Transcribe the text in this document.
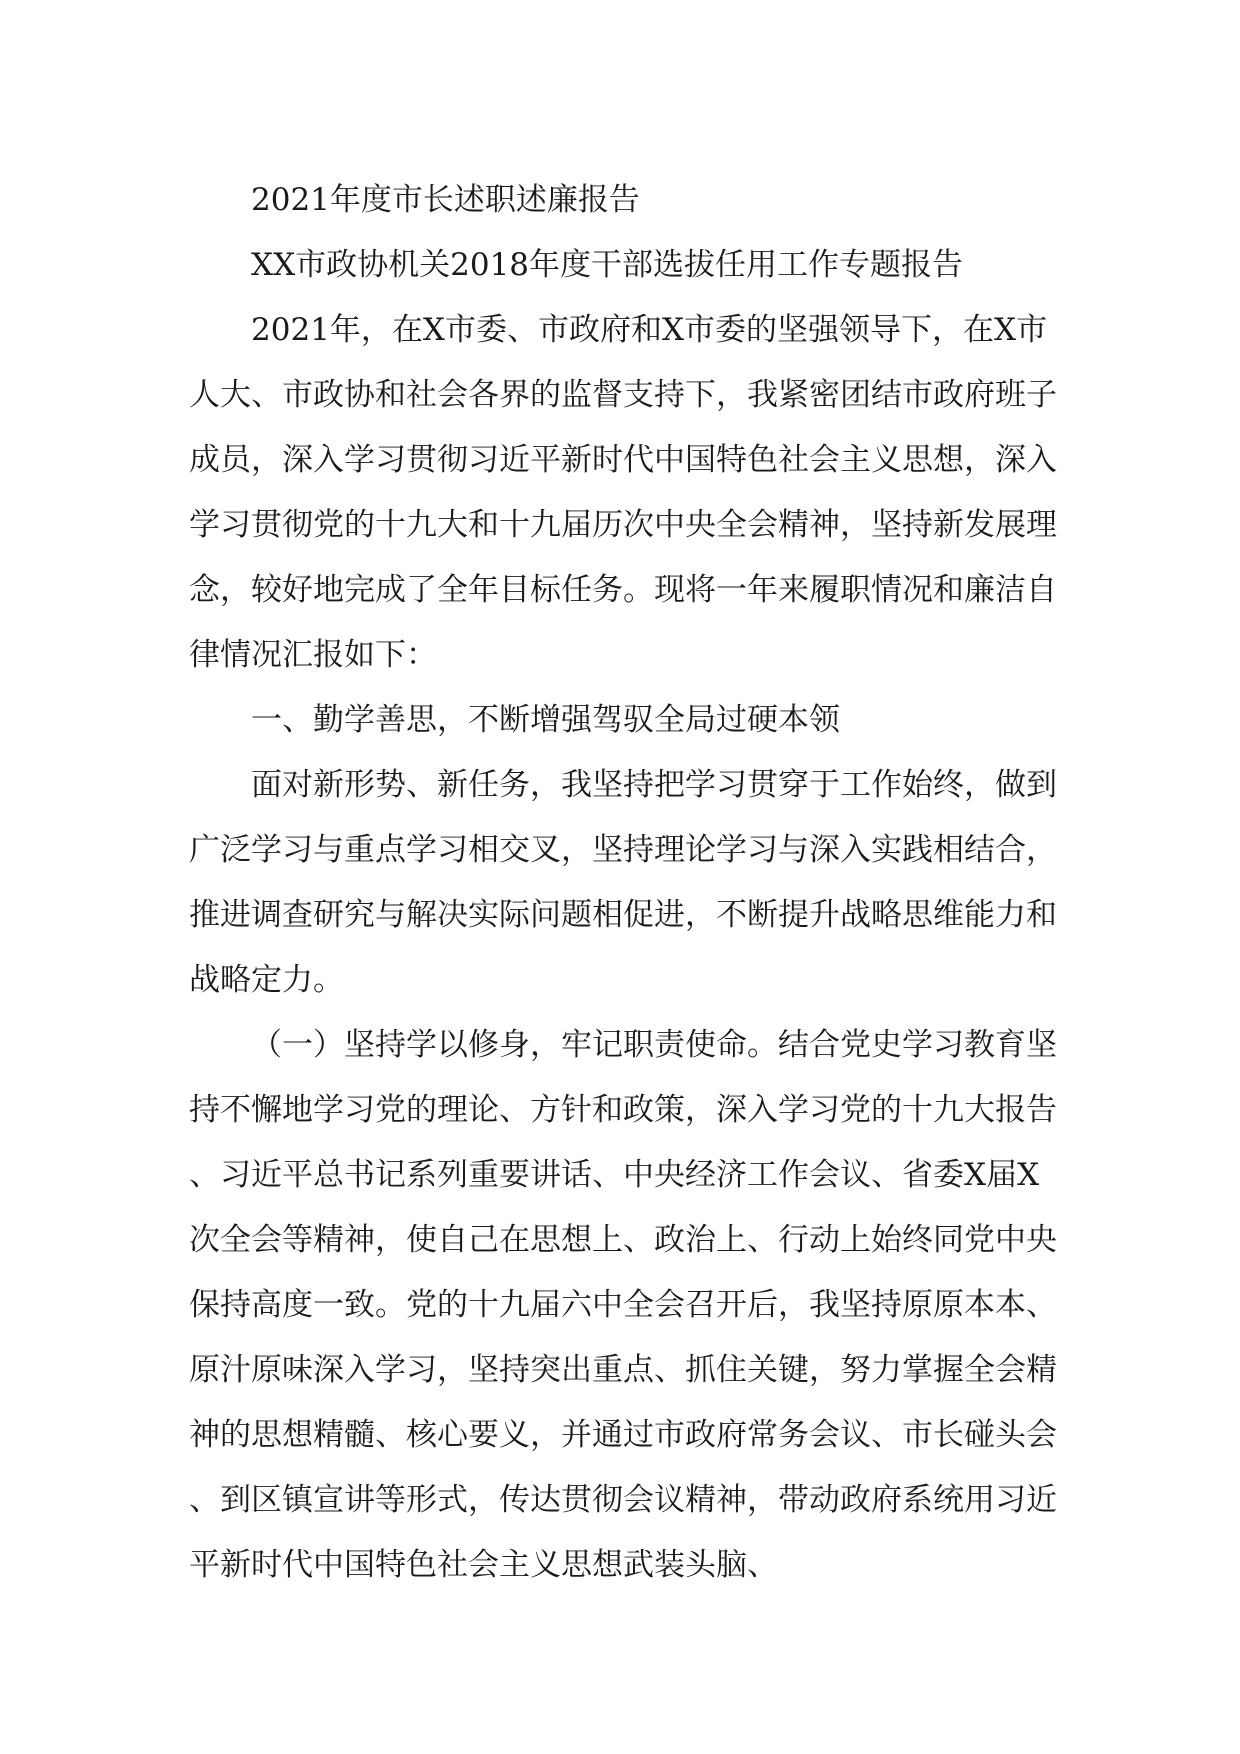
2021年度市长述职述廉报告

XX市政协机关2018年度干部选拔任用工作专题报告

2021年，在X市委、市政府和X市委的坚强领导下，在X市人大、市政协和社会各界的监督支持下，我紧密团结市政府班子成员，深入学习贯彻习近平新时代中国特色社会主义思想，深入学习贯彻党的十九大和十九届历次中央全会精神，坚持新发展理念，较好地完成了全年目标任务。现将一年来履职情况和廉洁自律情况汇报如下：

一、勤学善思，不断增强驾驭全局过硬本领

面对新形势、新任务，我坚持把学习贯穿于工作始终，做到广泛学习与重点学习相交叉，坚持理论学习与深入实践相结合，推进调查研究与解决实际问题相促进，不断提升战略思维能力和战略定力。

（一）坚持学以修身，牢记职责使命。结合党史学习教育坚持不懈地学习党的理论、方针和政策，深入学习党的十九大报告、习近平总书记系列重要讲话、中央经济工作会议、省委X届X次全会等精神，使自己在思想上、政治上、行动上始终同党中央保持高度一致。党的十九届六中全会召开后，我坚持原原本本、原汁原味深入学习，坚持突出重点、抓住关键，努力掌握全会精神的思想精髓、核心要义，并通过市政府常务会议、市长碰头会、到区镇宣讲等形式，传达贯彻会议精神，带动政府系统用习近平新时代中国特色社会主义思想武装头脑、
